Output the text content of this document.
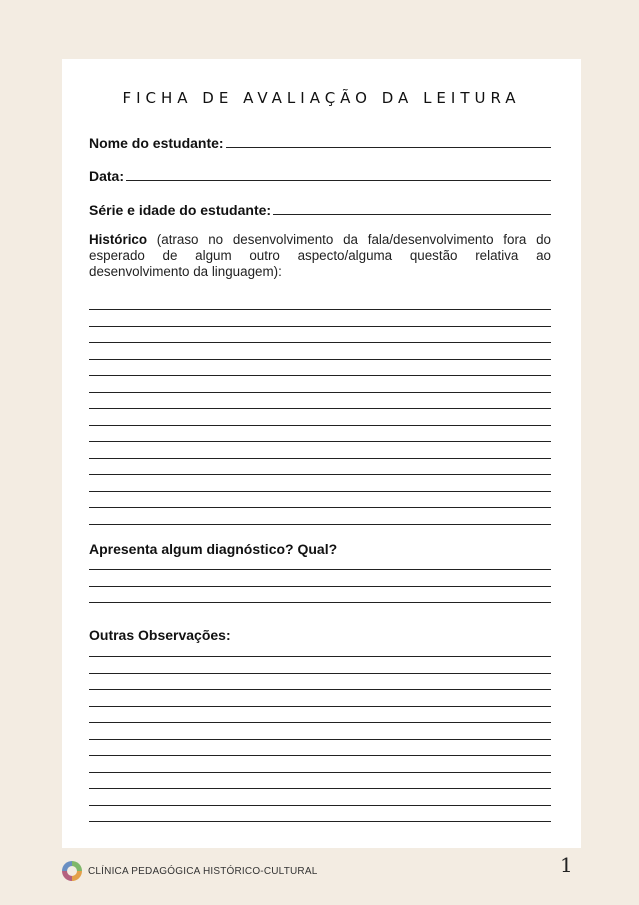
FICHA DE AVALIAÇÃO DA LEITURA
Nome do estudante:
Data:
Série e idade do estudante:
Histórico (atraso no desenvolvimento da fala/desenvolvimento fora do esperado de algum outro aspecto/alguma questão relativa ao desenvolvimento da linguagem):
Apresenta algum diagnóstico? Qual?
Outras Observações:
CLÍNICA PEDAGÓGICA HISTÓRICO-CULTURAL	1
